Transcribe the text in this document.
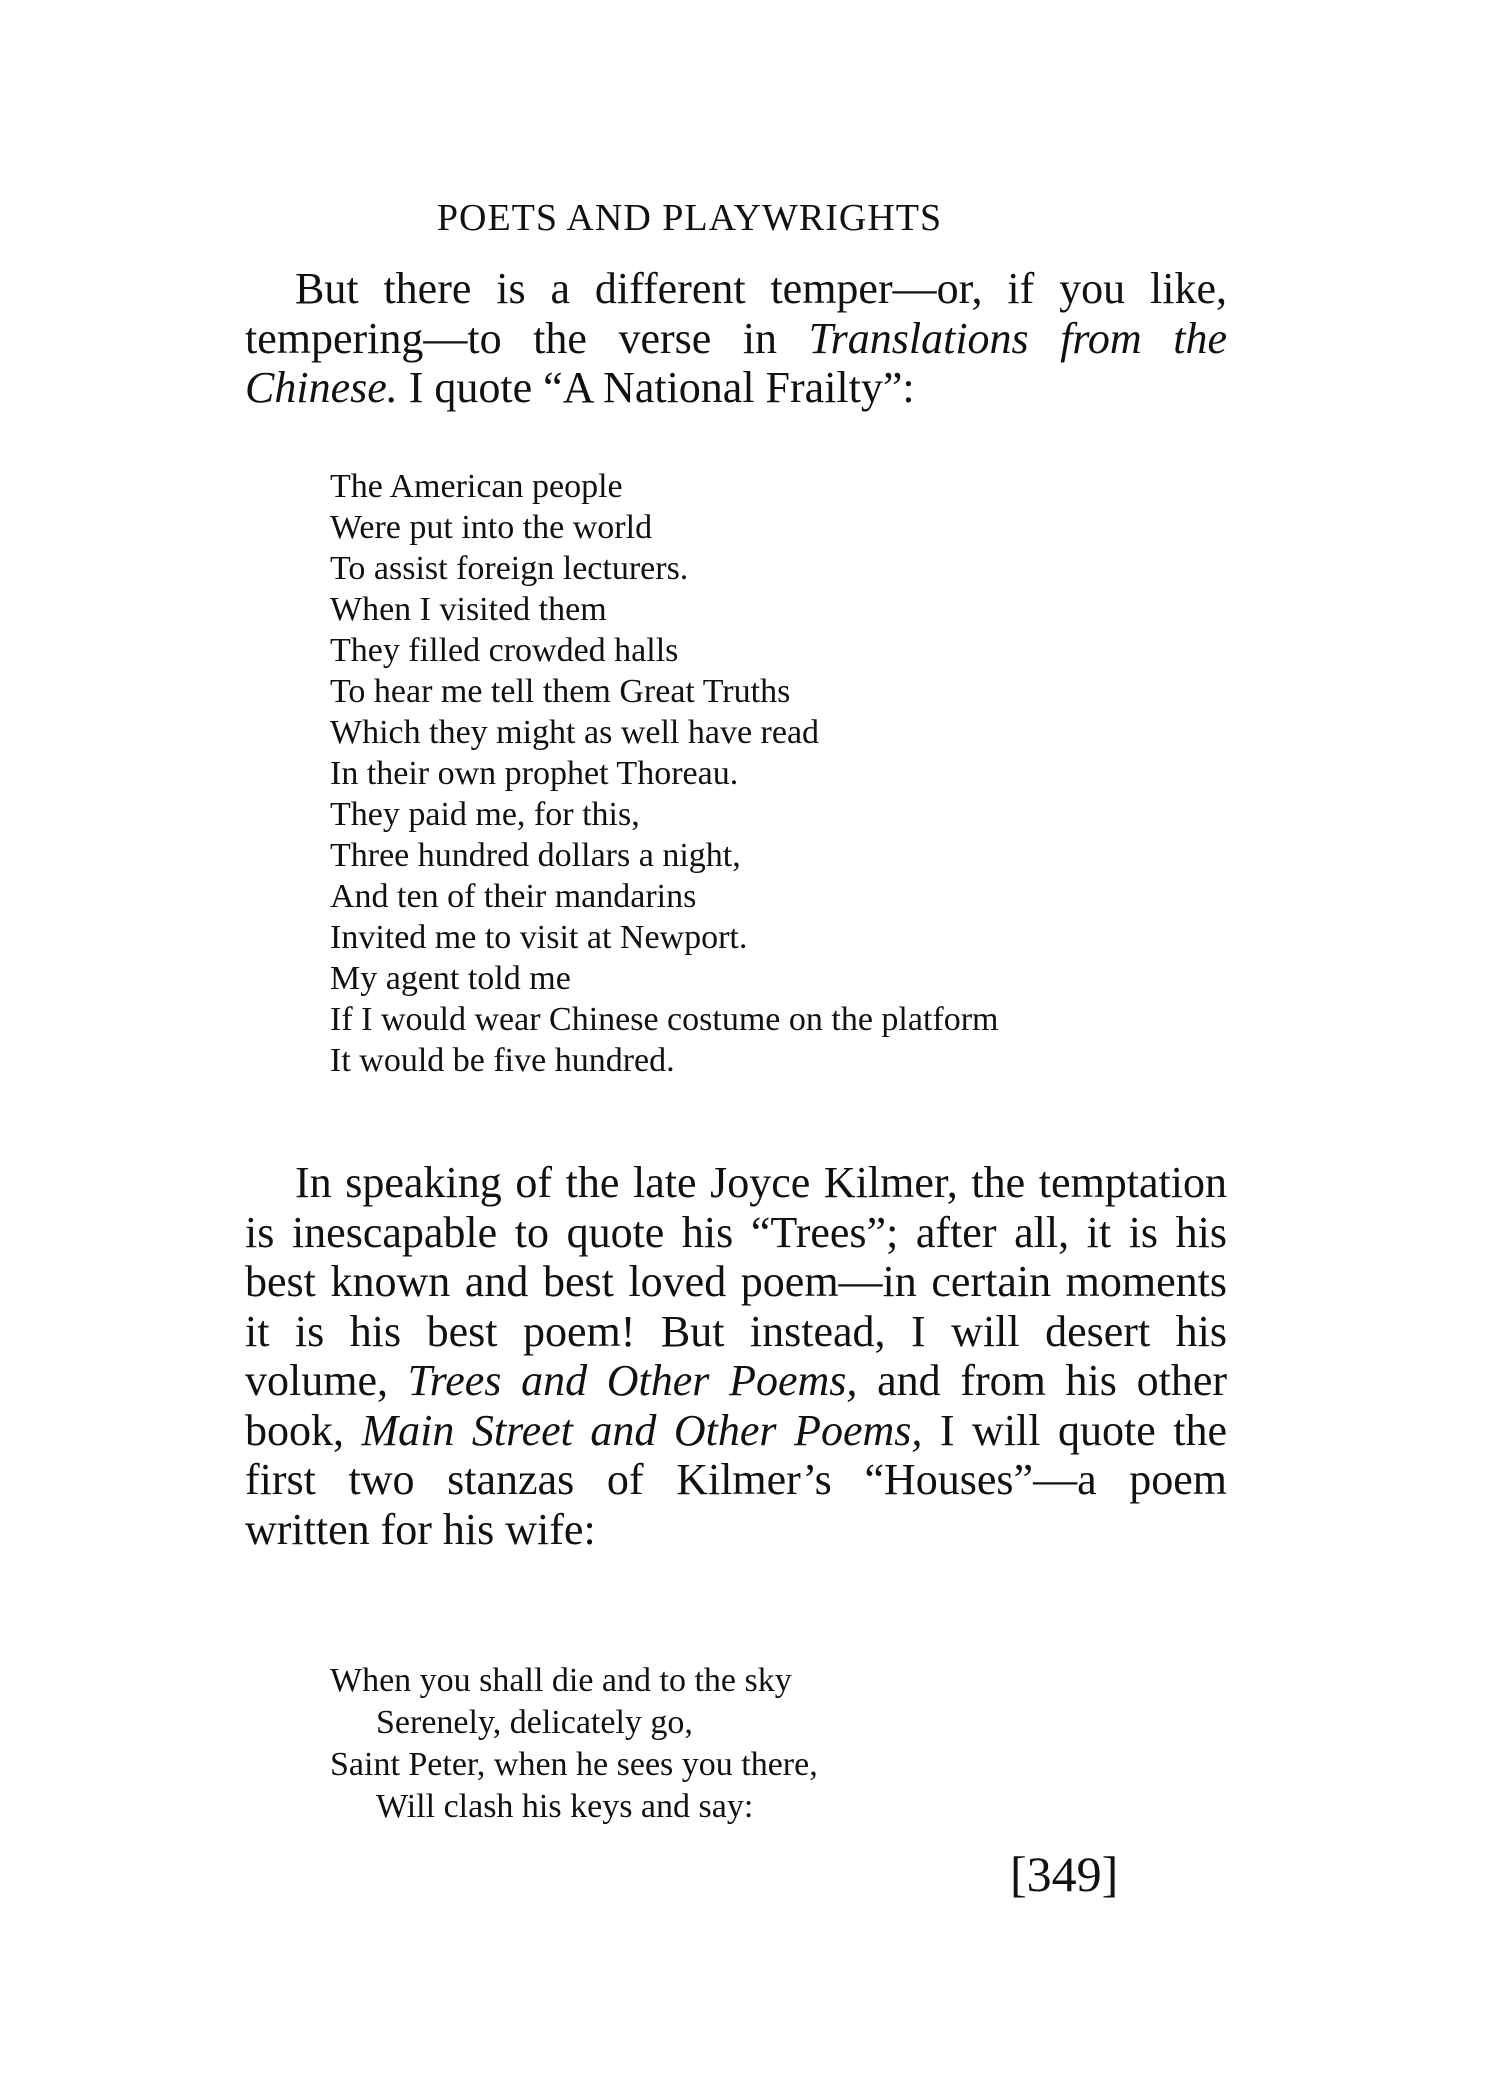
POETS AND PLAYWRIGHTS

But there is a different temper—or, if you like, tempering—to the verse in Translations from the Chinese. I quote “A National Frailty”:

The American people
Were put into the world
To assist foreign lecturers.
When I visited them
They filled crowded halls
To hear me tell them Great Truths
Which they might as well have read
In their own prophet Thoreau.
They paid me, for this,
Three hundred dollars a night,
And ten of their mandarins
Invited me to visit at Newport.
My agent told me
If I would wear Chinese costume on the platform
It would be five hundred.

In speaking of the late Joyce Kilmer, the temptation is inescapable to quote his “Trees”; after all, it is his best known and best loved poem—in certain moments it is his best poem! But instead, I will desert his volume, Trees and Other Poems, and from his other book, Main Street and Other Poems, I will quote the first two stanzas of Kilmer’s “Houses”—a poem written for his wife:

When you shall die and to the sky
Serenely, delicately go,
Saint Peter, when he sees you there,
Will clash his keys and say:
[349]
